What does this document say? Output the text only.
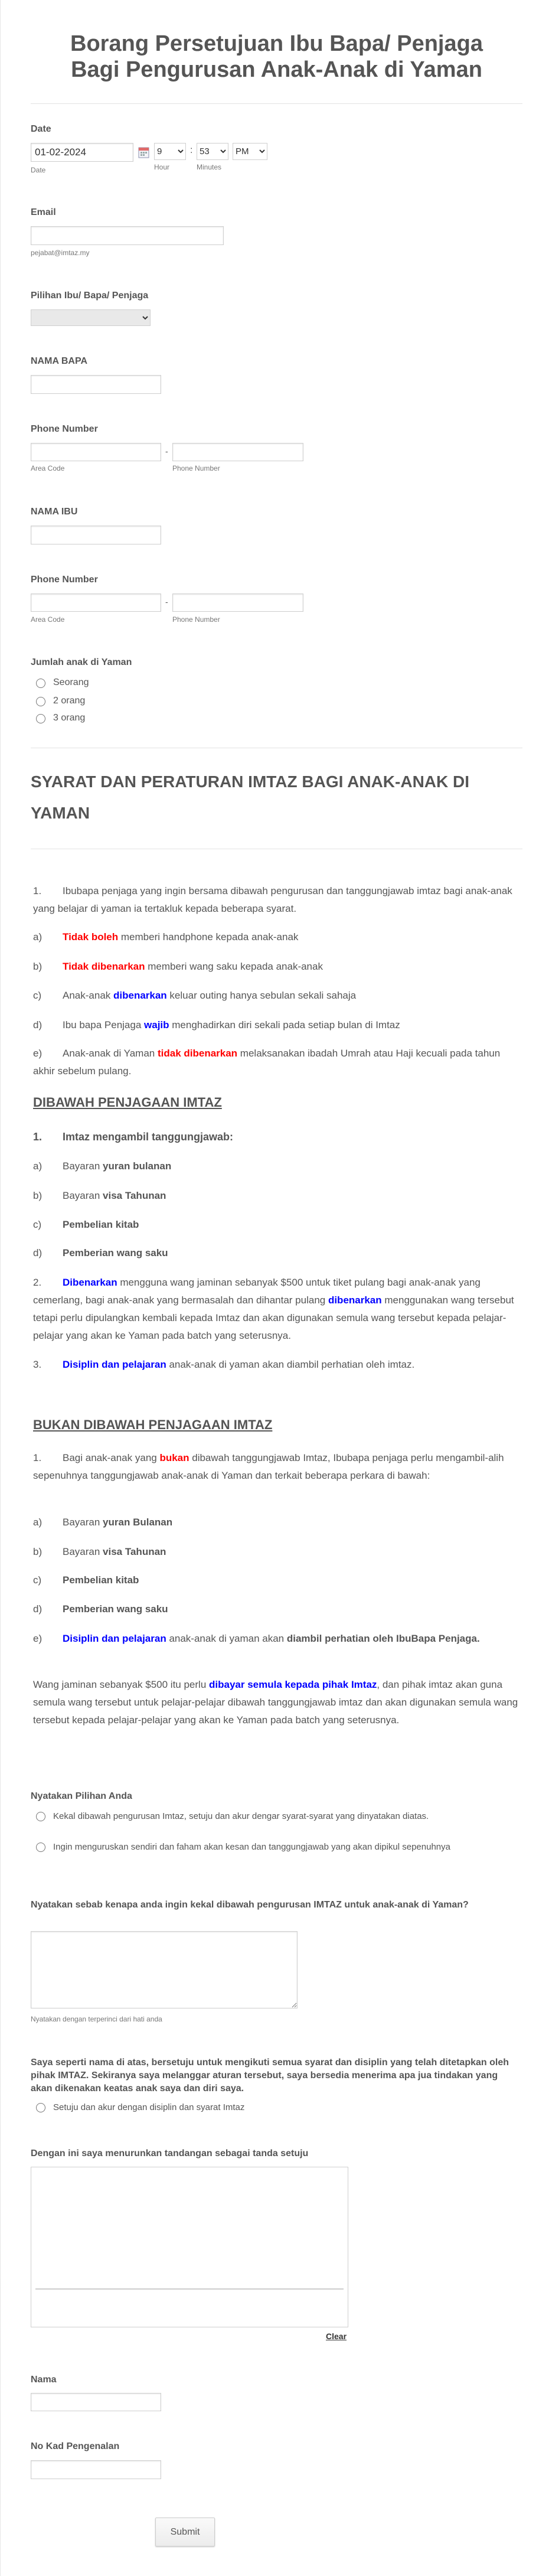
Borang Persetujuan Ibu Bapa/ Penjaga
Bagi Pengurusan Anak-Anak di Yaman
Date
01-02-2024
9
:
53
PM
Date	Hour	Minutes
Email
pejabat@imtaz.my
Pilihan Ibu/ Bapa/ Penjaga
NAMA BAPA
Phone Number
-
Area Code	Phone Number
NAMA IBU
Phone Number
-
Area Code	Phone Number
Jumlah anak di Yaman
Seorang
2 orang
3 orang
SYARAT DAN PERATURAN IMTAZ BAGI ANAK-ANAK DI YAMAN
1. Ibubapa penjaga yang ingin bersama dibawah pengurusan dan tanggungjawab imtaz bagi anak-anak yang belajar di yaman ia tertakluk kepada beberapa syarat.
a) Tidak boleh memberi handphone kepada anak-anak
b) Tidak dibenarkan memberi wang saku kepada anak-anak
c) Anak-anak dibenarkan keluar outing hanya sebulan sekali sahaja
d) Ibu bapa Penjaga wajib menghadirkan diri sekali pada setiap bulan di Imtaz
e) Anak-anak di Yaman tidak dibenarkan melaksanakan ibadah Umrah atau Haji kecuali pada tahun akhir sebelum pulang.
DIBAWAH PENJAGAAN IMTAZ
1. Imtaz mengambil tanggungjawab:
a) Bayaran yuran bulanan
b) Bayaran visa Tahunan
c) Pembelian kitab
d) Pemberian wang saku
2. Dibenarkan mengguna wang jaminan sebanyak $500 untuk tiket pulang bagi anak-anak yang cemerlang, bagi anak-anak yang bermasalah dan dihantar pulang dibenarkan menggunakan wang tersebut tetapi perlu dipulangkan kembali kepada Imtaz dan akan digunakan semula wang tersebut kepada pelajar-pelajar yang akan ke Yaman pada batch yang seterusnya.
3. Disiplin dan pelajaran anak-anak di yaman akan diambil perhatian oleh imtaz.
BUKAN DIBAWAH PENJAGAAN IMTAZ
1. Bagi anak-anak yang bukan dibawah tanggungjawab Imtaz, Ibubapa penjaga perlu mengambil-alih sepenuhnya tanggungjawab anak-anak di Yaman dan terkait beberapa perkara di bawah:
a) Bayaran yuran Bulanan
b) Bayaran visa Tahunan
c) Pembelian kitab
d) Pemberian wang saku
e) Disiplin dan pelajaran anak-anak di yaman akan diambil perhatian oleh IbuBapa Penjaga.
Wang jaminan sebanyak $500 itu perlu dibayar semula kepada pihak Imtaz, dan pihak imtaz akan guna semula wang tersebut untuk pelajar-pelajar dibawah tanggungjawab imtaz dan akan digunakan semula wang tersebut kepada pelajar-pelajar yang akan ke Yaman pada batch yang seterusnya.
Nyatakan Pilihan Anda
Kekal dibawah pengurusan Imtaz, setuju dan akur dengar syarat-syarat yang dinyatakan diatas.
Ingin menguruskan sendiri dan faham akan kesan dan tanggungjawab yang akan dipikul sepenuhnya
Nyatakan sebab kenapa anda ingin kekal dibawah pengurusan IMTAZ untuk anak-anak di Yaman?
Nyatakan dengan terperinci dari hati anda
Saya seperti nama di atas, bersetuju untuk mengikuti semua syarat dan disiplin yang telah ditetapkan oleh pihak IMTAZ. Sekiranya saya melanggar aturan tersebut, saya bersedia menerima apa jua tindakan yang akan dikenakan keatas anak saya dan diri saya.
Setuju dan akur dengan disiplin dan syarat Imtaz
Dengan ini saya menurunkan tandangan sebagai tanda setuju
Clear
Nama
No Kad Pengenalan
Submit
